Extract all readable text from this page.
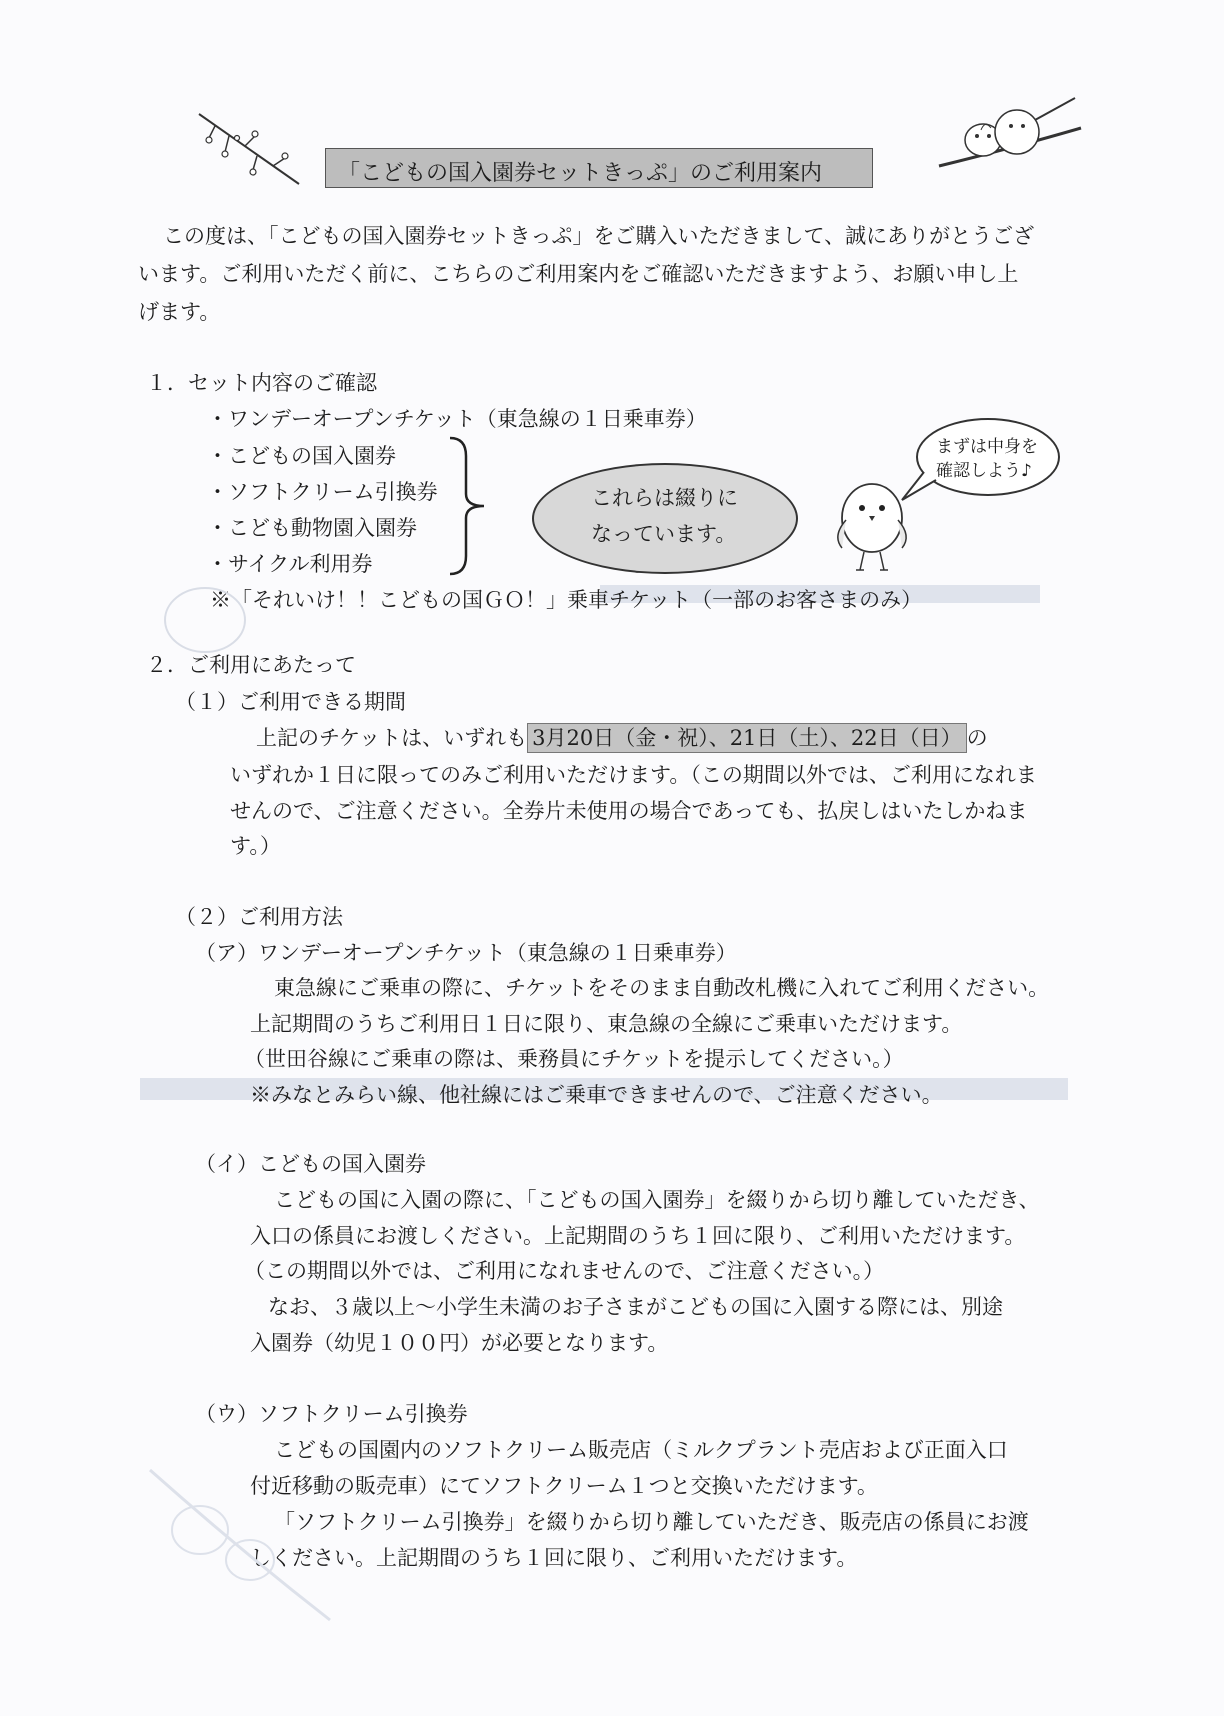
「こどもの国入園券セットきっぷ」のご利用案内
この度は、「こどもの国入園券セットきっぷ」をご購入いただきまして、誠にありがとうござ
います。ご利用いただく前に、こちらのご利用案内をご確認いただきますよう、お願い申し上
げます。
１．セット内容のご確認
・ワンデーオープンチケット（東急線の１日乗車券）
・こどもの国入園券
・ソフトクリーム引換券
・こども動物園入園券
・サイクル利用券
これらは綴りに
なっています。
まずは中身を
確認しよう♪
※「それいけ！！こどもの国ＧＯ！」乗車チケット（一部のお客さまのみ）
２．ご利用にあたって
（１）ご利用できる期間
上記のチケットは、いずれも 3月20日（金・祝）、21日（土）、22日（日） の
いずれか１日に限ってのみご利用いただけます。（この期間以外では、ご利用になれま
せんので、ご注意ください。全券片未使用の場合であっても、払戻しはいたしかねま
す。）
（２）ご利用方法
（ア）ワンデーオープンチケット（東急線の１日乗車券）
東急線にご乗車の際に、チケットをそのまま自動改札機に入れてご利用ください。
上記期間のうちご利用日１日に限り、東急線の全線にご乗車いただけます。
（世田谷線にご乗車の際は、乗務員にチケットを提示してください。）
※みなとみらい線、他社線にはご乗車できませんので、ご注意ください。
（イ）こどもの国入園券
こどもの国に入園の際に、「こどもの国入園券」を綴りから切り離していただき、
入口の係員にお渡しください。上記期間のうち１回に限り、ご利用いただけます。
（この期間以外では、ご利用になれませんので、ご注意ください。）
なお、３歳以上～小学生未満のお子さまがこどもの国に入園する際には、別途
入園券（幼児１００円）が必要となります。
（ウ）ソフトクリーム引換券
こどもの国園内のソフトクリーム販売店（ミルクプラント売店および正面入口
付近移動の販売車）にてソフトクリーム１つと交換いただけます。
「ソフトクリーム引換券」を綴りから切り離していただき、販売店の係員にお渡
しください。上記期間のうち１回に限り、ご利用いただけます。
